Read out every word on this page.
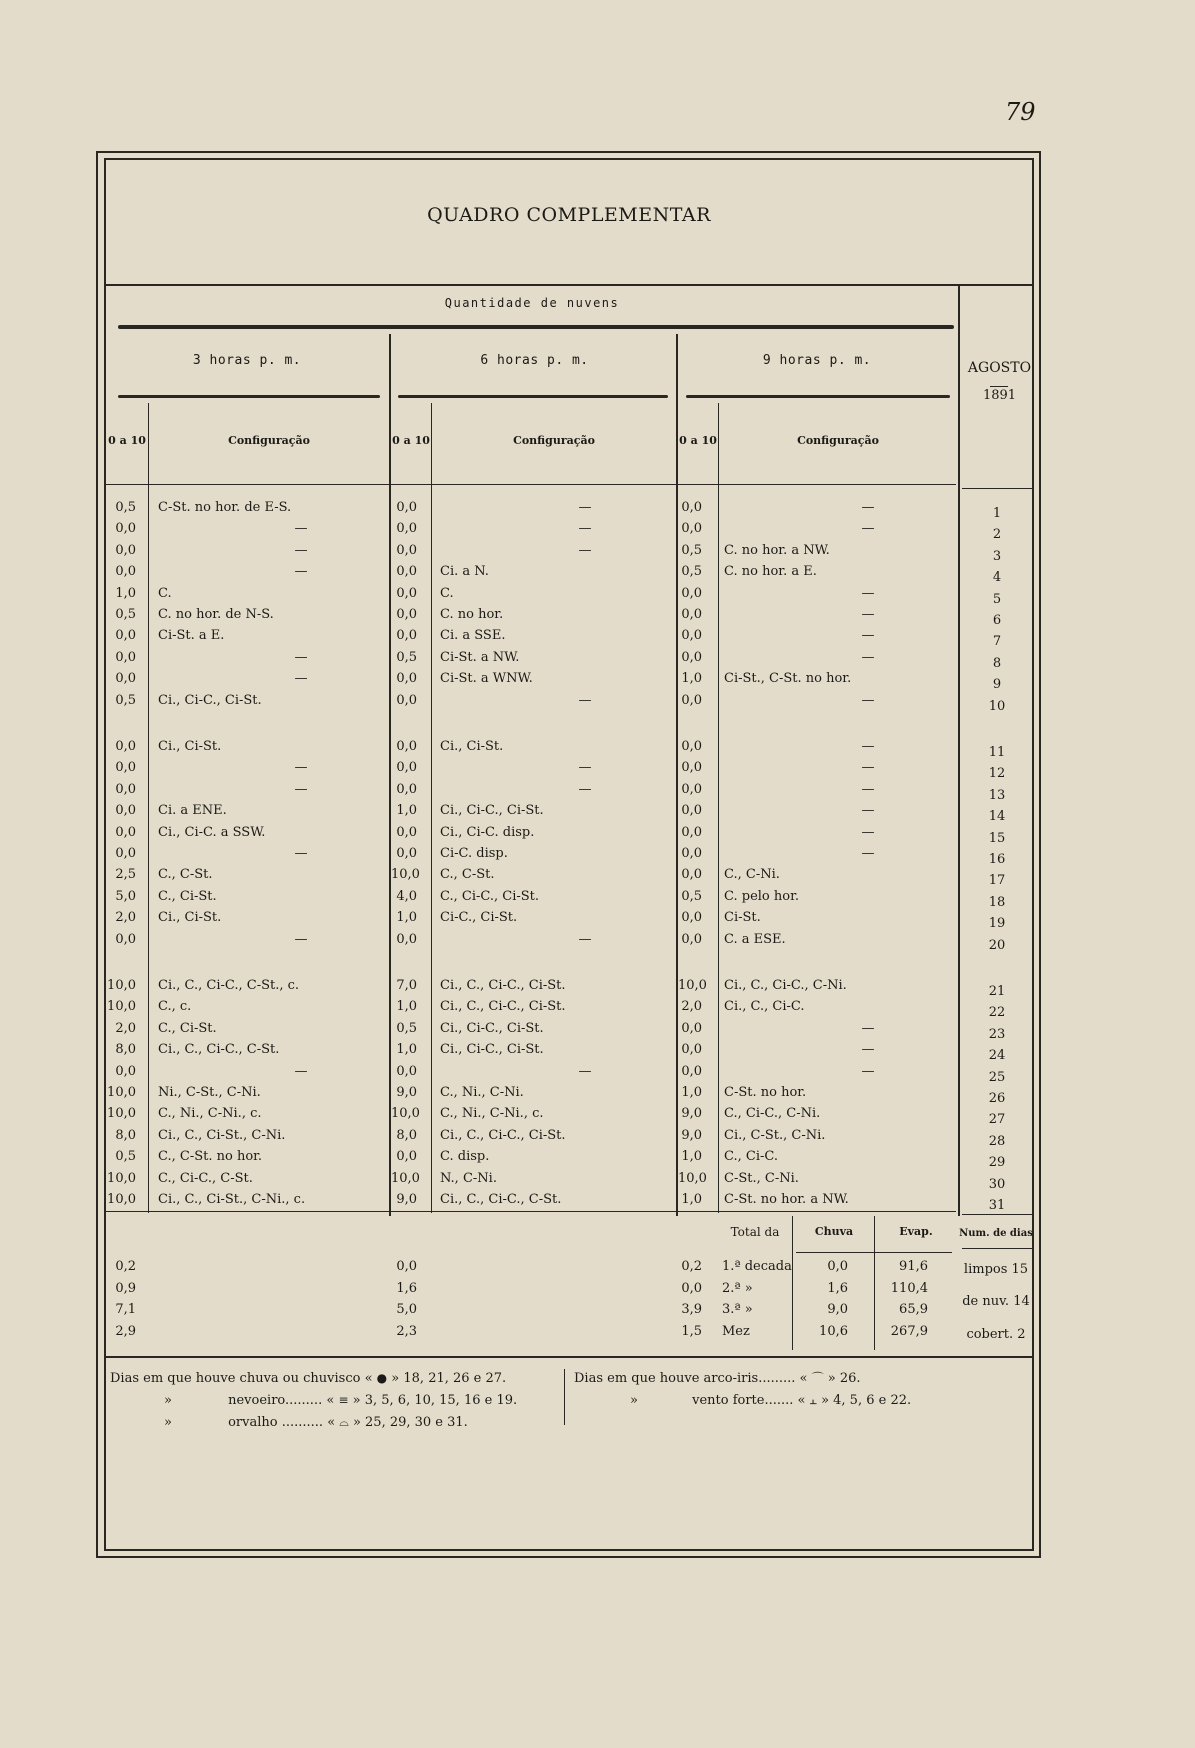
79
QUADRO COMPLEMENTAR
Quantidade de nuvens
3 horas p. m.	6 horas p. m.	9 horas p. m.	AGOSTO
1891
0 a 10	Configuração	0 a 10	Configuração	0 a 10	Configuração
0,5 C-St. no hor. de E-S.	0,0	—	0,0	—	1
0,0	—	0,0	—	0,0	—	2
0,0	—	0,0	—	0,5 C. no hor. a NW.	3
0,0	—	0,0 Ci. a N.	0,5 C. no hor. a E.	4
1,0 C.	0,0 C.	0,0	—	5
0,5 C. no hor. de N-S.	0,0 C. no hor.	0,0	—	6
0,0 Ci-St. a E.	0,0 Ci. a SSE.	0,0	—	7
0,0	—	0,5 Ci-St. a NW.	0,0	—	8
0,0	—	0,0 Ci-St. a WNW.	1,0 Ci-St., C-St. no hor.	9
0,5 Ci., Ci-C., Ci-St.	0,0	—	0,0	—	10
0,0 Ci., Ci-St.	0,0 Ci., Ci-St.	0,0	—	11
0,0	—	0,0	—	0,0	—	12
0,0	—	0,0	—	0,0	—	13
0,0 Ci. a ENE.	1,0 Ci., Ci-C., Ci-St.	0,0	—	14
0,0 Ci., Ci-C. a SSW.	0,0 Ci., Ci-C. disp.	0,0	—	15
0,0	—	0,0 Ci-C. disp.	0,0	—	16
2,5 C., C-St.	10,0 C., C-St.	0,0 C., C-Ni.	17
5,0 C., Ci-St.	4,0 C., Ci-C., Ci-St.	0,5 C. pelo hor.	18
2,0 Ci., Ci-St.	1,0 Ci-C., Ci-St.	0,0 Ci-St.	19
0,0	—	0,0	—	0,0 C. a ESE.	20
10,0 Ci., C., Ci-C., C-St., c.	7,0 Ci., C., Ci-C., Ci-St.	10,0 Ci., C., Ci-C., C-Ni.	21
10,0 C., c.	1,0 Ci., C., Ci-C., Ci-St.	2,0 Ci., C., Ci-C.	22
2,0 C., Ci-St.	0,5 Ci., Ci-C., Ci-St.	0,0	—	23
8,0 Ci., C., Ci-C., C-St.	1,0 Ci., Ci-C., Ci-St.	0,0	—	24
0,0	—	0,0	—	0,0	—	25
10,0 Ni., C-St., C-Ni.	9,0 C., Ni., C-Ni.	1,0 C-St. no hor.	26
10,0 C., Ni., C-Ni., c.	10,0 C., Ni., C-Ni., c.	9,0 C., Ci-C., C-Ni.	27
8,0 Ci., C., Ci-St., C-Ni.	8,0 Ci., C., Ci-C., Ci-St.	9,0 Ci., C-St., C-Ni.	28
0,5 C., C-St. no hor.	0,0 C. disp.	1,0 C., Ci-C.	29
10,0 C., Ci-C., C-St.	10,0 N., C-Ni.	10,0 C-St., C-Ni.	30
10,0 Ci., C., Ci-St., C-Ni., c.	9,0 Ci., C., Ci-C., C-St.	1,0 C-St. no hor. a NW.	31
Total da	Chuva	Evap.	Num. de dias
0,2	0,0	0,2 1.ª decada	0,0	91,6
0,9	1,6	0,0 2.ª »	1,6	110,4
7,1	5,0	3,9 3.ª »	9,0	65,9
2,9	2,3	1,5 Mez	10,6	267,9
limpos 15
de nuv. 14
cobert. 2
Dias em que houve chuva ou chuvisco « ● » 18, 21, 26 e 27.
»	nevoeiro......... « ≡ » 3, 5, 6, 10, 15, 16 e 19.
»	orvalho .......... « ⌓ » 25, 29, 30 e 31.
Dias em que houve arco-iris......... « ⌒ » 26.
»	vento forte....... « ⫠ » 4, 5, 6 e 22.
